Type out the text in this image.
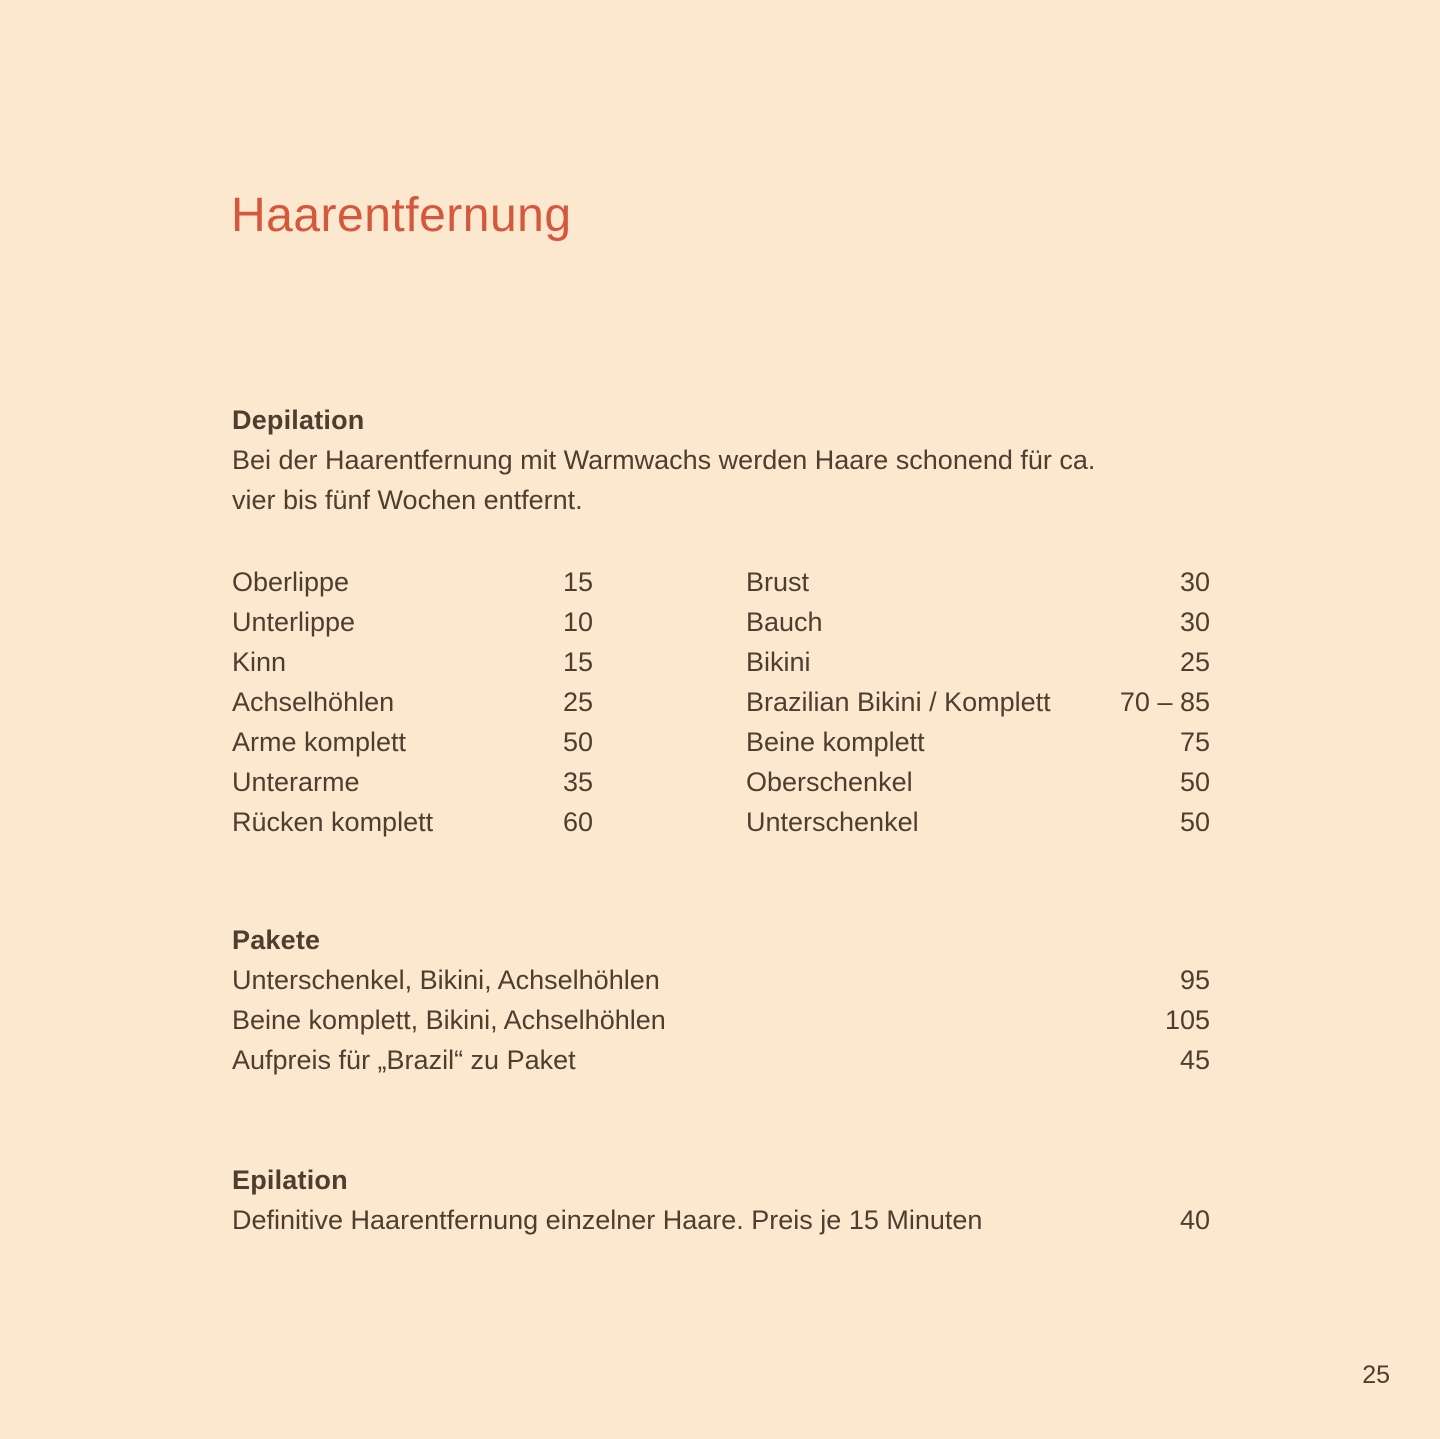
Haarentfernung
Depilation
Bei der Haarentfernung mit Warmwachs werden Haare schonend für ca.
vier bis fünf Wochen entfernt.
Oberlippe	15
Unterlippe	10
Kinn	15
Achselhöhlen	25
Arme komplett	50
Unterarme	35
Rücken komplett	60
Brust	30
Bauch	30
Bikini	25
Brazilian Bikini / Komplett	70 – 85
Beine komplett	75
Oberschenkel	50
Unterschenkel	50
Pakete
Unterschenkel, Bikini, Achselhöhlen	95
Beine komplett, Bikini, Achselhöhlen	105
Aufpreis für „Brazil“ zu Paket	45
Epilation
Definitive Haarentfernung einzelner Haare. Preis je 15 Minuten	40
25
